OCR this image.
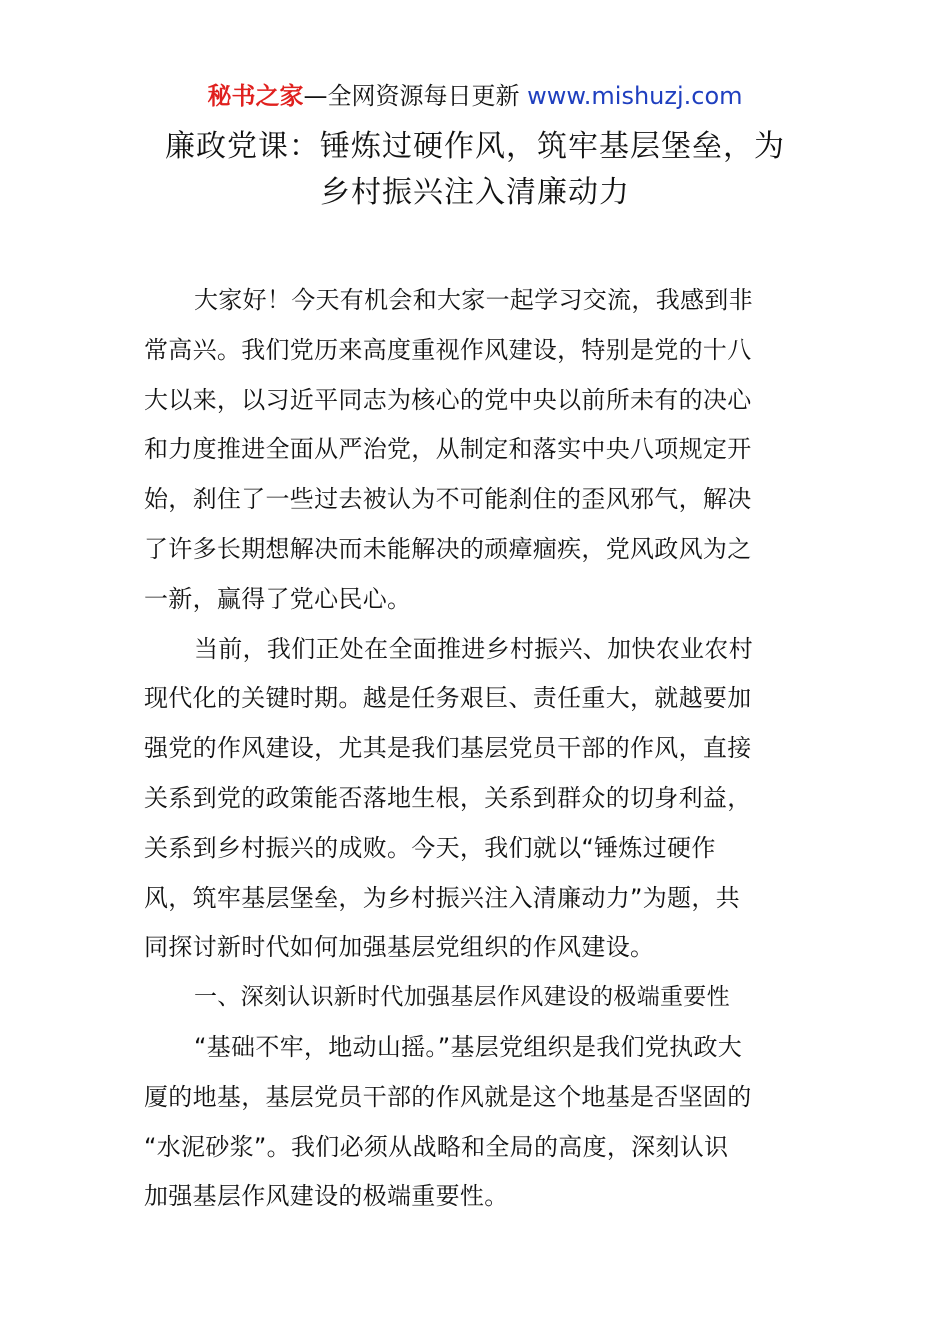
秘书之家—全网资源每日更新 www.mishuzj.com
廉政党课：锤炼过硬作风，筑牢基层堡垒，为
乡村振兴注入清廉动力
大家好！今天有机会和大家一起学习交流，我感到非
常高兴。我们党历来高度重视作风建设，特别是党的十八
大以来，以习近平同志为核心的党中央以前所未有的决心
和力度推进全面从严治党，从制定和落实中央八项规定开
始，刹住了一些过去被认为不可能刹住的歪风邪气，解决
了许多长期想解决而未能解决的顽瘴痼疾，党风政风为之
一新，赢得了党心民心。
当前，我们正处在全面推进乡村振兴、加快农业农村
现代化的关键时期。越是任务艰巨、责任重大，就越要加
强党的作风建设，尤其是我们基层党员干部的作风，直接
关系到党的政策能否落地生根，关系到群众的切身利益，
关系到乡村振兴的成败。今天，我们就以“锤炼过硬作
风，筑牢基层堡垒，为乡村振兴注入清廉动力”为题，共
同探讨新时代如何加强基层党组织的作风建设。
一、深刻认识新时代加强基层作风建设的极端重要性
“基础不牢，地动山摇。”基层党组织是我们党执政大
厦的地基，基层党员干部的作风就是这个地基是否坚固的
“水泥砂浆”。我们必须从战略和全局的高度，深刻认识
加强基层作风建设的极端重要性。
